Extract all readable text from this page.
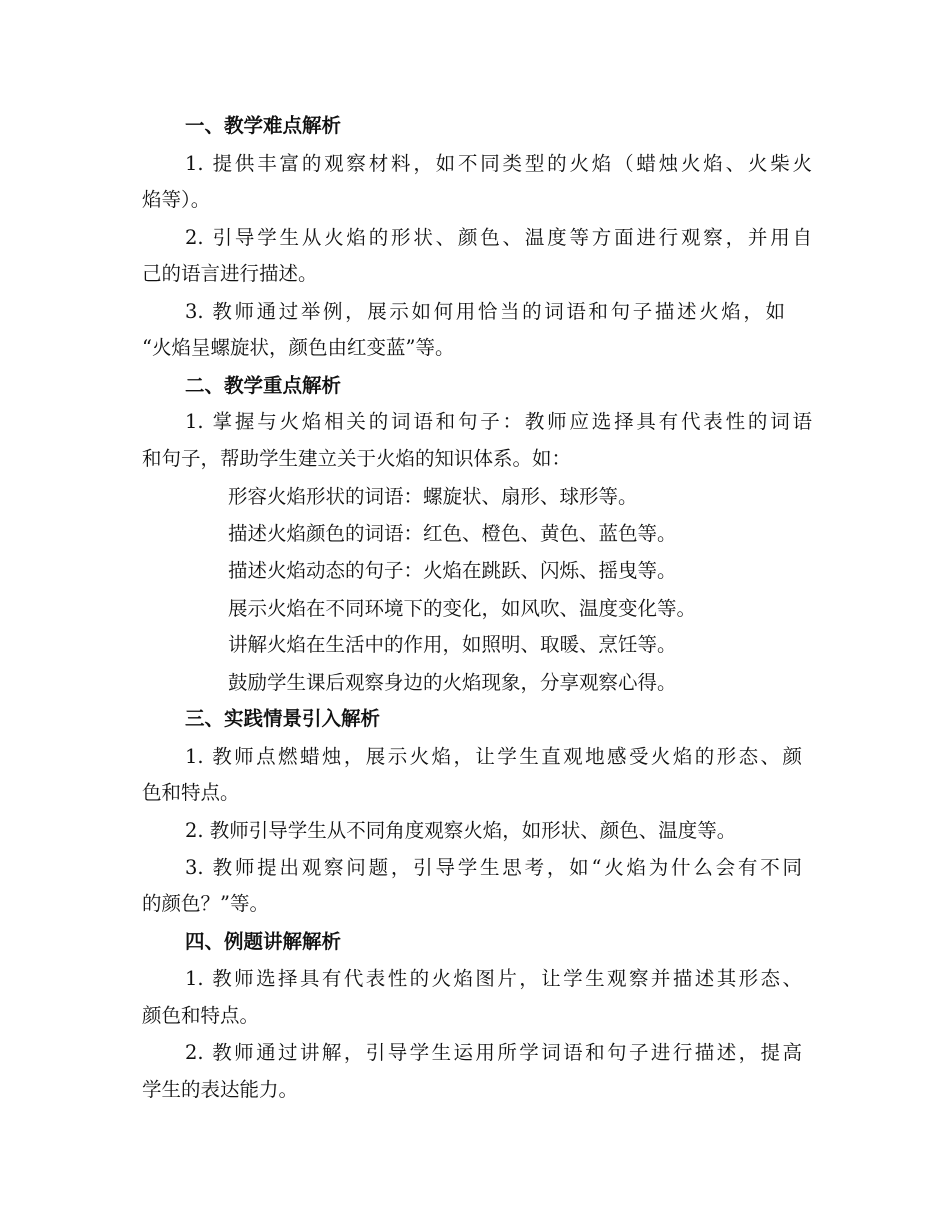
一、教学难点解析
1. 提供丰富的观察材料，如不同类型的火焰（蜡烛火焰、火柴火
焰等）。
2. 引导学生从火焰的形状、颜色、温度等方面进行观察，并用自
己的语言进行描述。
3. 教师通过举例，展示如何用恰当的词语和句子描述火焰，如
“火焰呈螺旋状，颜色由红变蓝”等。
二、教学重点解析
1. 掌握与火焰相关的词语和句子：教师应选择具有代表性的词语
和句子，帮助学生建立关于火焰的知识体系。如：
形容火焰形状的词语：螺旋状、扇形、球形等。
描述火焰颜色的词语：红色、橙色、黄色、蓝色等。
描述火焰动态的句子：火焰在跳跃、闪烁、摇曳等。
展示火焰在不同环境下的变化，如风吹、温度变化等。
讲解火焰在生活中的作用，如照明、取暖、烹饪等。
鼓励学生课后观察身边的火焰现象，分享观察心得。
三、实践情景引入解析
1. 教师点燃蜡烛，展示火焰，让学生直观地感受火焰的形态、颜
色和特点。
2. 教师引导学生从不同角度观察火焰，如形状、颜色、温度等。
3. 教师提出观察问题，引导学生思考，如“火焰为什么会有不同
的颜色？”等。
四、例题讲解解析
1. 教师选择具有代表性的火焰图片，让学生观察并描述其形态、
颜色和特点。
2. 教师通过讲解，引导学生运用所学词语和句子进行描述，提高
学生的表达能力。
